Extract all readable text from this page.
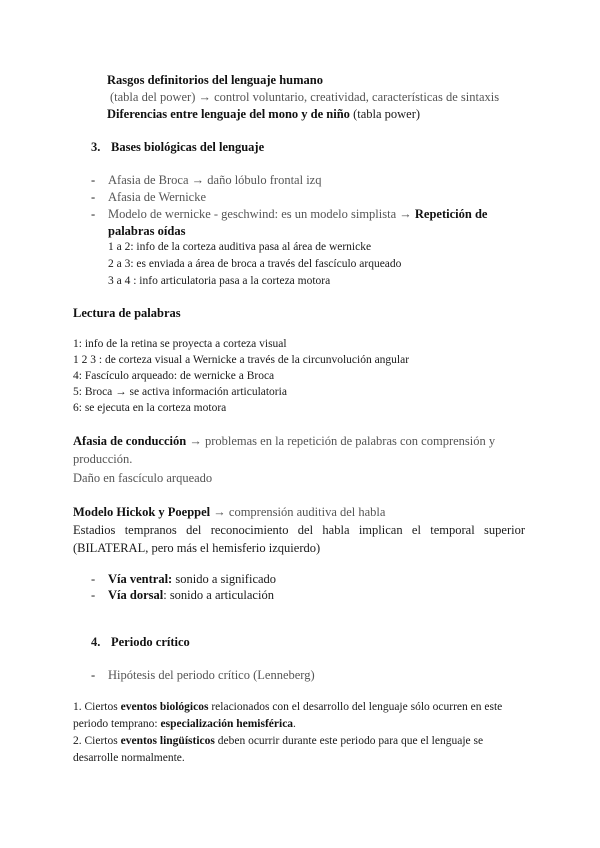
Rasgos definitorios del lenguaje humano
(tabla del power) → control voluntario, creatividad, características de sintaxis
Diferencias entre lenguaje del mono y de niño (tabla power)
3. Bases biológicas del lenguaje
- Afasia de Broca → daño lóbulo frontal izq
- Afasia de Wernicke
- Modelo de wernicke - geschwind: es un modelo simplista → Repetición de
palabras oídas
1 a 2: info de la corteza auditiva pasa al área de wernicke
2 a 3: es enviada a área de broca a través del fascículo arqueado
3 a 4 : info articulatoria pasa a la corteza motora
Lectura de palabras
1: info de la retina se proyecta a corteza visual
1 2 3 : de corteza visual a Wernicke a través de la circunvolución angular
4: Fascículo arqueado: de wernicke a Broca
5: Broca → se activa información articulatoria
6: se ejecuta en la corteza motora
Afasia de conducción → problemas en la repetición de palabras con comprensión y
producción.
Daño en fascículo arqueado
Modelo Hickok y Poeppel → comprensión auditiva del habla
Estadios tempranos del reconocimiento del habla implican el temporal superior
(BILATERAL, pero más el hemisferio izquierdo)
- Vía ventral: sonido a significado
- Vía dorsal: sonido a articulación
4. Periodo crítico
- Hipótesis del periodo crítico (Lenneberg)
1. Ciertos eventos biológicos relacionados con el desarrollo del lenguaje sólo ocurren en este
periodo temprano: especialización hemisférica.
2. Ciertos eventos lingüísticos deben ocurrir durante este periodo para que el lenguaje se
desarrolle normalmente.
